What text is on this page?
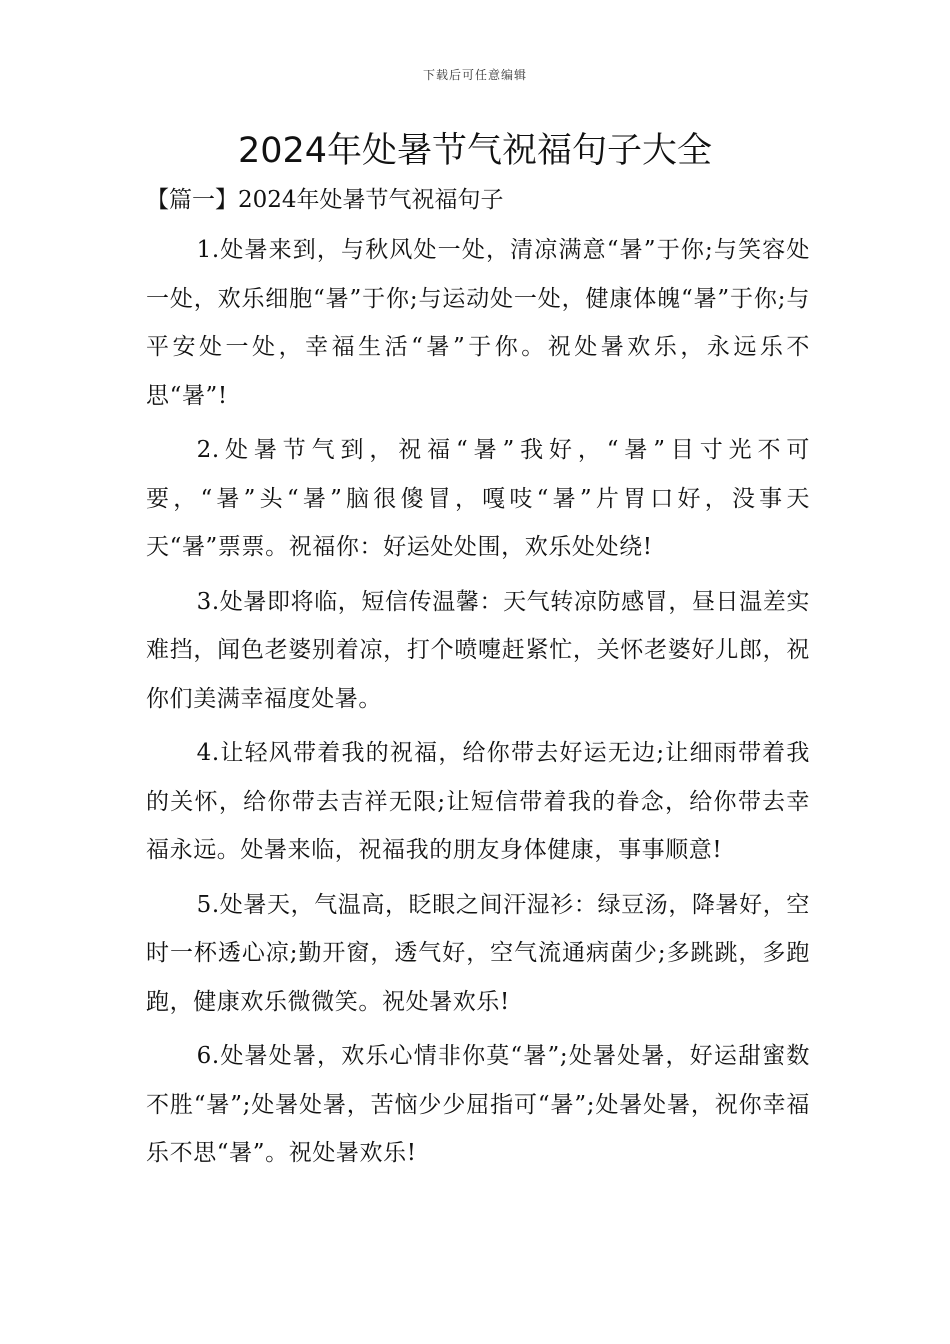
下载后可任意编辑
2024年处暑节气祝福句子大全
【篇一】2024年处暑节气祝福句子

1.处暑来到，与秋风处一处，清凉满意“暑”于你;与笑容处一处，欢乐细胞“暑”于你;与运动处一处，健康体魄“暑”于你;与平安处一处，幸福生活“暑”于你。祝处暑欢乐，永远乐不思“暑”!

2.处暑节气到，祝福“暑”我好，“暑”目寸光不可要，“暑”头“暑”脑很傻冒，嘎吱“暑”片胃口好，没事天天“暑”票票。祝福你：好运处处围，欢乐处处绕!

3.处暑即将临，短信传温馨：天气转凉防感冒，昼日温差实难挡，闻色老婆别着凉，打个喷嚏赶紧忙，关怀老婆好儿郎，祝你们美满幸福度处暑。

4.让轻风带着我的祝福，给你带去好运无边;让细雨带着我的关怀，给你带去吉祥无限;让短信带着我的眷念，给你带去幸福永远。处暑来临，祝福我的朋友身体健康，事事顺意!

5.处暑天，气温高，眨眼之间汗湿衫：绿豆汤，降暑好，空时一杯透心凉;勤开窗，透气好，空气流通病菌少;多跳跳，多跑跑，健康欢乐微微笑。祝处暑欢乐!

6.处暑处暑，欢乐心情非你莫“暑”;处暑处暑，好运甜蜜数不胜“暑”;处暑处暑，苦恼少少屈指可“暑”;处暑处暑，祝你幸福乐不思“暑”。祝处暑欢乐!
